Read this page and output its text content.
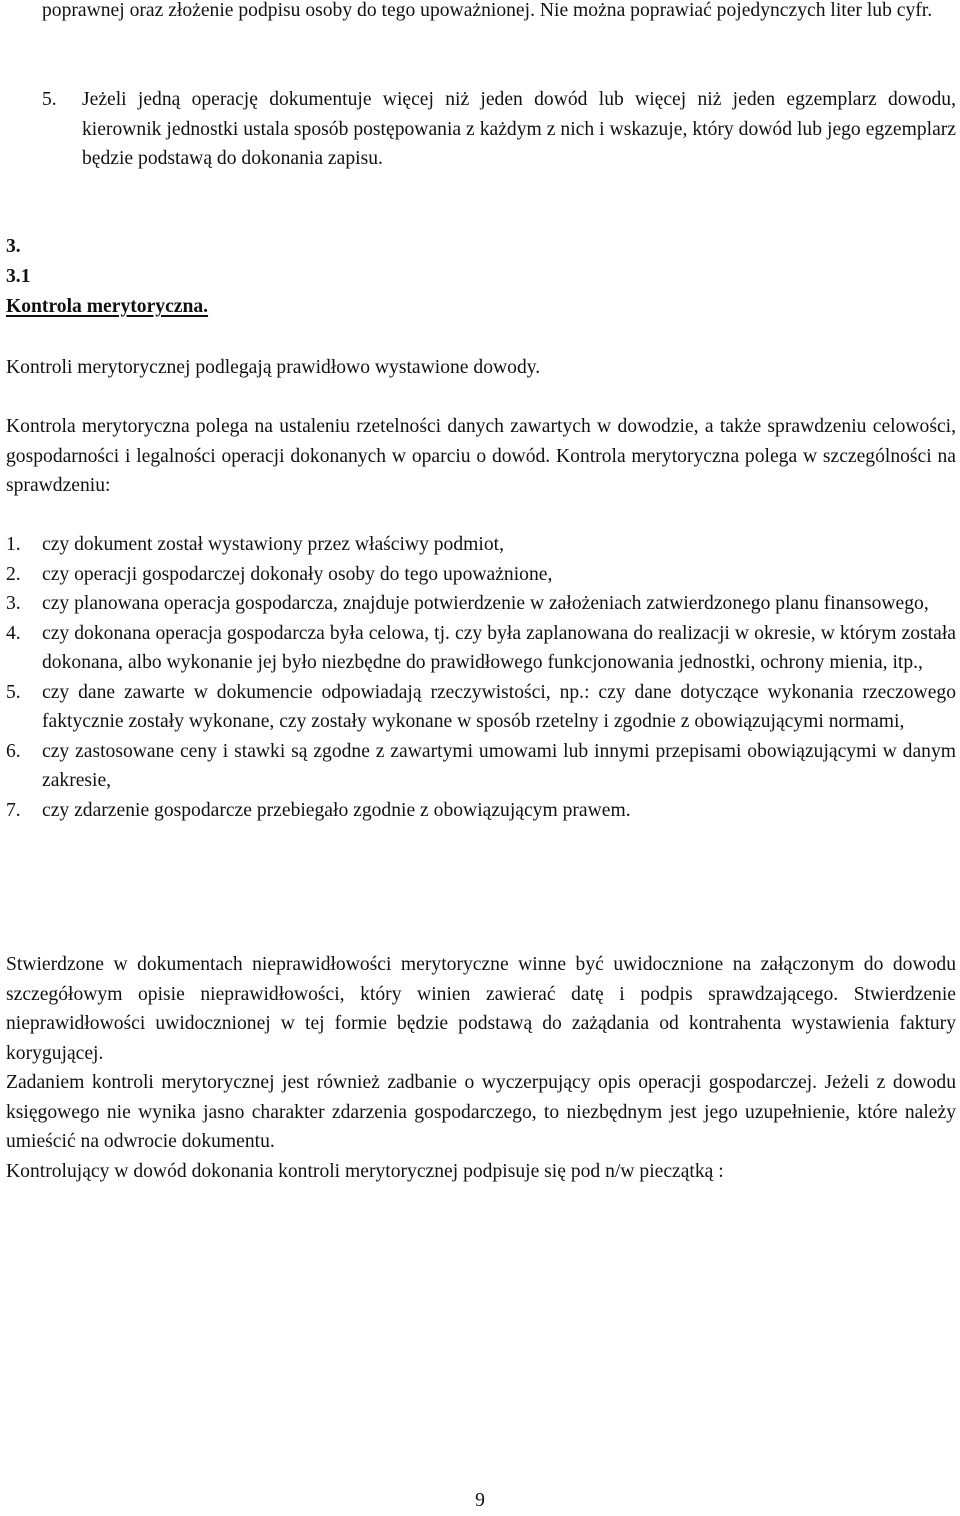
poprawnej oraz złożenie podpisu osoby do tego upoważnionej. Nie można poprawiać pojedynczych liter lub cyfr.
5. Jeżeli jedną operację dokumentuje więcej niż jeden dowód lub więcej niż jeden egzemplarz dowodu, kierownik jednostki ustala sposób postępowania z każdym z nich i wskazuje, który dowód lub jego egzemplarz będzie podstawą do dokonania zapisu.
3.
3.1
Kontrola merytoryczna.
Kontroli merytorycznej podlegają prawidłowo wystawione dowody.
Kontrola merytoryczna polega na ustaleniu rzetelności danych zawartych w dowodzie, a także sprawdzeniu celowości, gospodarności i legalności operacji dokonanych w oparciu o dowód. Kontrola merytoryczna polega w szczególności na sprawdzeniu:
1. czy dokument został wystawiony przez właściwy podmiot,
2. czy operacji gospodarczej dokonały osoby do tego upoważnione,
3. czy planowana operacja gospodarcza, znajduje potwierdzenie w założeniach zatwierdzonego planu finansowego,
4. czy dokonana operacja gospodarcza była celowa, tj. czy była zaplanowana do realizacji w okresie, w którym została dokonana, albo wykonanie jej było niezbędne do prawidłowego funkcjonowania jednostki, ochrony mienia, itp.,
5. czy dane zawarte w dokumencie odpowiadają rzeczywistości, np.: czy dane dotyczące wykonania rzeczowego faktycznie zostały wykonane, czy zostały wykonane w sposób rzetelny i zgodnie z obowiązującymi normami,
6. czy zastosowane ceny i stawki są zgodne z zawartymi umowami lub innymi przepisami obowiązującymi w danym zakresie,
7. czy zdarzenie gospodarcze przebiegało zgodnie z obowiązującym prawem.
Stwierdzone w dokumentach nieprawidłowości merytoryczne winne być uwidocznione na załączonym do dowodu szczegółowym opisie nieprawidłowości, który winien zawierać datę i podpis sprawdzającego. Stwierdzenie nieprawidłowości uwidocznionej w tej formie będzie podstawą do zażądania od kontrahenta wystawienia faktury korygującej.
Zadaniem kontroli merytorycznej jest również zadbanie o wyczerpujący opis operacji gospodarczej. Jeżeli z dowodu księgowego nie wynika jasno charakter zdarzenia gospodarczego, to niezbędnym jest jego uzupełnienie, które należy umieścić na odwrocie dokumentu.
Kontrolujący w dowód dokonania kontroli merytorycznej podpisuje się pod n/w pieczątką :
9
